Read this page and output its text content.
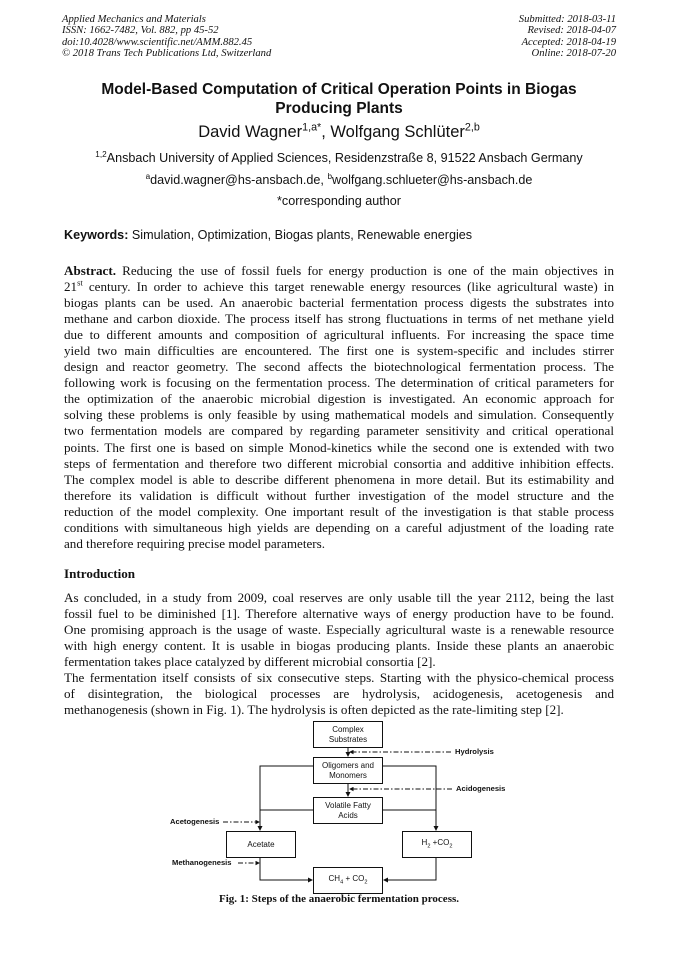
Applied Mechanics and Materials
ISSN: 1662-7482, Vol. 882, pp 45-52
doi:10.4028/www.scientific.net/AMM.882.45
© 2018 Trans Tech Publications Ltd, Switzerland
Submitted: 2018-03-11
Revised: 2018-04-07
Accepted: 2018-04-19
Online: 2018-07-20
Model-Based Computation of Critical Operation Points in Biogas
Producing Plants
David Wagner$^{1,a*}$, Wolfgang Schlüter$^{2,b}$
$^{1,2}$Ansbach University of Applied Sciences, Residenzstraße 8, 91522 Ansbach Germany
$^a$david.wagner@hs-ansbach.de, $^b$wolfgang.schlueter@hs-ansbach.de
*corresponding author
Keywords: Simulation, Optimization, Biogas plants, Renewable energies
Abstract. Reducing the use of fossil fuels for energy production is one of the main objectives in
21st century. In order to achieve this target renewable energy resources (like agricultural waste) in
biogas plants can be used. An anaerobic bacterial fermentation process digests the substrates into
methane and carbon dioxide. The process itself has strong fluctuations in terms of net methane yield
due to different amounts and composition of agricultural influents. For increasing the space time
yield two main difficulties are encountered. The first one is system-specific and includes stirrer
design and reactor geometry. The second affects the biotechnological fermentation process. The
following work is focusing on the fermentation process. The determination of critical parameters for
the optimization of the anaerobic microbial digestion is investigated. An economic approach for
solving these problems is only feasible by using mathematical models and simulation. Consequently
two fermentation models are compared by regarding parameter sensitivity and critical operational
points. The first one is based on simple Monod-kinetics while the second one is extended with two
steps of fermentation and therefore two different microbial consortia and additive inhibition effects.
The complex model is able to describe different phenomena in more detail. But its estimability and
therefore its validation is difficult without further investigation of the model structure and the
reduction of the model complexity. One important result of the investigation is that stable process
conditions with simultaneous high yields are depending on a careful adjustment of the loading rate
and therefore requiring precise model parameters.
Introduction
As concluded, in a study from 2009, coal reserves are only usable till the year 2112, being the last
fossil fuel to be diminished [1]. Therefore alternative ways of energy production have to be found.
One promising approach is the usage of waste. Especially agricultural waste is a renewable resource
with high energy content. It is usable in biogas producing plants. Inside these plants an anaerobic
fermentation takes place catalyzed by different microbial consortia [2].
The fermentation itself consists of six consecutive steps. Starting with the physico-chemical process
of disintegration, the biological processes are hydrolysis, acidogenesis, acetogenesis and
methanogenesis (shown in Fig. 1). The hydrolysis is often depicted as the rate-limiting step [2].
Complex
Substrates
Oligomers and
Monomers
Volatile Fatty
Acids
Acetate	$H_2 +CO_2$
$CH_4 + CO_2$
Hydrolysis
Acidogenesis
Acetogenesis
Methanogenesis
Fig. 1: Steps of the anaerobic fermentation process.
